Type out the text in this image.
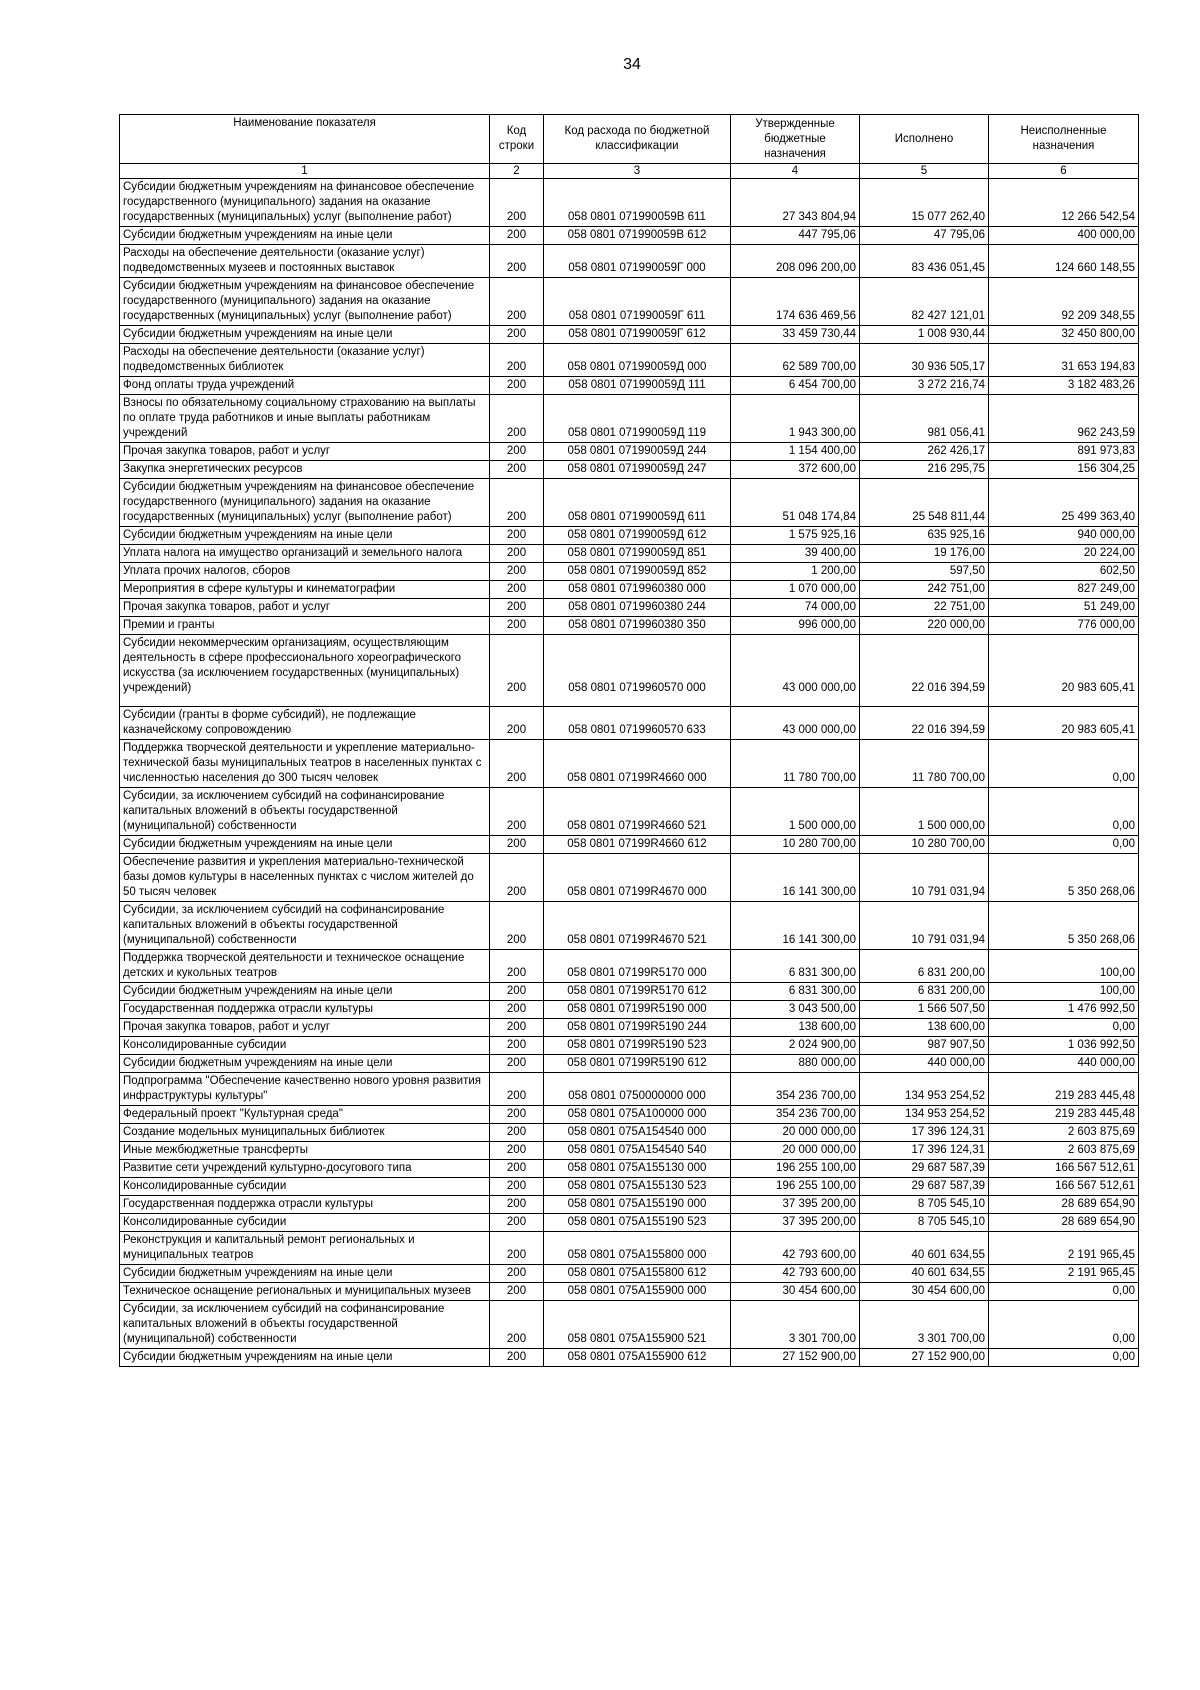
34
Наименование показателя	Код строки	Код расхода по бюджетной классификации	Утвержденные бюджетные назначения	Исполнено	Неисполненные назначения
1	2	3	4	5	6
Субсидии бюджетным учреждениям на финансовое обеспечение государственного (муниципального) задания на оказание государственных (муниципальных) услуг (выполнение работ)	200	058 0801 071990059В 611	27 343 804,94	15 077 262,40	12 266 542,54
Субсидии бюджетным учреждениям на иные цели	200	058 0801 071990059В 612	447 795,06	47 795,06	400 000,00
Расходы на обеспечение деятельности (оказание услуг) подведомственных музеев и постоянных выставок	200	058 0801 071990059Г 000	208 096 200,00	83 436 051,45	124 660 148,55
Субсидии бюджетным учреждениям на финансовое обеспечение государственного (муниципального) задания на оказание государственных (муниципальных) услуг (выполнение работ)	200	058 0801 071990059Г 611	174 636 469,56	82 427 121,01	92 209 348,55
Субсидии бюджетным учреждениям на иные цели	200	058 0801 071990059Г 612	33 459 730,44	1 008 930,44	32 450 800,00
Расходы на обеспечение деятельности (оказание услуг) подведомственных библиотек	200	058 0801 071990059Д 000	62 589 700,00	30 936 505,17	31 653 194,83
Фонд оплаты труда учреждений	200	058 0801 071990059Д 111	6 454 700,00	3 272 216,74	3 182 483,26
Взносы по обязательному социальному страхованию на выплаты по оплате труда работников и иные выплаты работникам учреждений	200	058 0801 071990059Д 119	1 943 300,00	981 056,41	962 243,59
Прочая закупка товаров, работ и услуг	200	058 0801 071990059Д 244	1 154 400,00	262 426,17	891 973,83
Закупка энергетических ресурсов	200	058 0801 071990059Д 247	372 600,00	216 295,75	156 304,25
Субсидии бюджетным учреждениям на финансовое обеспечение государственного (муниципального) задания на оказание государственных (муниципальных) услуг (выполнение работ)	200	058 0801 071990059Д 611	51 048 174,84	25 548 811,44	25 499 363,40
Субсидии бюджетным учреждениям на иные цели	200	058 0801 071990059Д 612	1 575 925,16	635 925,16	940 000,00
Уплата налога на имущество организаций и земельного налога	200	058 0801 071990059Д 851	39 400,00	19 176,00	20 224,00
Уплата прочих налогов, сборов	200	058 0801 071990059Д 852	1 200,00	597,50	602,50
Мероприятия в сфере культуры и кинематографии	200	058 0801 0719960380 000	1 070 000,00	242 751,00	827 249,00
Прочая закупка товаров, работ и услуг	200	058 0801 0719960380 244	74 000,00	22 751,00	51 249,00
Премии и гранты	200	058 0801 0719960380 350	996 000,00	220 000,00	776 000,00
Субсидии некоммерческим организациям, осуществляющим деятельность в сфере профессионального хореографического искусства (за исключением государственных (муниципальных) учреждений)	200	058 0801 0719960570 000	43 000 000,00	22 016 394,59	20 983 605,41
Субсидии (гранты в форме субсидий), не подлежащие казначейскому сопровождению	200	058 0801 0719960570 633	43 000 000,00	22 016 394,59	20 983 605,41
Поддержка творческой деятельности и укрепление материально-технической базы муниципальных театров в населенных пунктах с численностью населения до 300 тысяч человек	200	058 0801 07199R4660 000	11 780 700,00	11 780 700,00	0,00
Субсидии, за исключением субсидий на софинансирование капитальных вложений в объекты государственной (муниципальной) собственности	200	058 0801 07199R4660 521	1 500 000,00	1 500 000,00	0,00
Субсидии бюджетным учреждениям на иные цели	200	058 0801 07199R4660 612	10 280 700,00	10 280 700,00	0,00
Обеспечение развития и укрепления материально-технической базы домов культуры в населенных пунктах с числом жителей до 50 тысяч человек	200	058 0801 07199R4670 000	16 141 300,00	10 791 031,94	5 350 268,06
Субсидии, за исключением субсидий на софинансирование капитальных вложений в объекты государственной (муниципальной) собственности	200	058 0801 07199R4670 521	16 141 300,00	10 791 031,94	5 350 268,06
Поддержка творческой деятельности и техническое оснащение детских и кукольных театров	200	058 0801 07199R5170 000	6 831 300,00	6 831 200,00	100,00
Субсидии бюджетным учреждениям на иные цели	200	058 0801 07199R5170 612	6 831 300,00	6 831 200,00	100,00
Государственная поддержка отрасли культуры	200	058 0801 07199R5190 000	3 043 500,00	1 566 507,50	1 476 992,50
Прочая закупка товаров, работ и услуг	200	058 0801 07199R5190 244	138 600,00	138 600,00	0,00
Консолидированные субсидии	200	058 0801 07199R5190 523	2 024 900,00	987 907,50	1 036 992,50
Субсидии бюджетным учреждениям на иные цели	200	058 0801 07199R5190 612	880 000,00	440 000,00	440 000,00
Подпрограмма "Обеспечение качественно нового уровня развития инфраструктуры культуры"	200	058 0801 0750000000 000	354 236 700,00	134 953 254,52	219 283 445,48
Федеральный проект "Культурная среда"	200	058 0801 075A100000 000	354 236 700,00	134 953 254,52	219 283 445,48
Создание модельных муниципальных библиотек	200	058 0801 075A154540 000	20 000 000,00	17 396 124,31	2 603 875,69
Иные межбюджетные трансферты	200	058 0801 075A154540 540	20 000 000,00	17 396 124,31	2 603 875,69
Развитие сети учреждений культурно-досугового типа	200	058 0801 075A155130 000	196 255 100,00	29 687 587,39	166 567 512,61
Консолидированные субсидии	200	058 0801 075A155130 523	196 255 100,00	29 687 587,39	166 567 512,61
Государственная поддержка отрасли культуры	200	058 0801 075A155190 000	37 395 200,00	8 705 545,10	28 689 654,90
Консолидированные субсидии	200	058 0801 075A155190 523	37 395 200,00	8 705 545,10	28 689 654,90
Реконструкция и капитальный ремонт региональных и муниципальных театров	200	058 0801 075A155800 000	42 793 600,00	40 601 634,55	2 191 965,45
Субсидии бюджетным учреждениям на иные цели	200	058 0801 075A155800 612	42 793 600,00	40 601 634,55	2 191 965,45
Техническое оснащение региональных и муниципальных музеев	200	058 0801 075A155900 000	30 454 600,00	30 454 600,00	0,00
Субсидии, за исключением субсидий на софинансирование капитальных вложений в объекты государственной (муниципальной) собственности	200	058 0801 075A155900 521	3 301 700,00	3 301 700,00	0,00
Субсидии бюджетным учреждениям на иные цели	200	058 0801 075A155900 612	27 152 900,00	27 152 900,00	0,00
